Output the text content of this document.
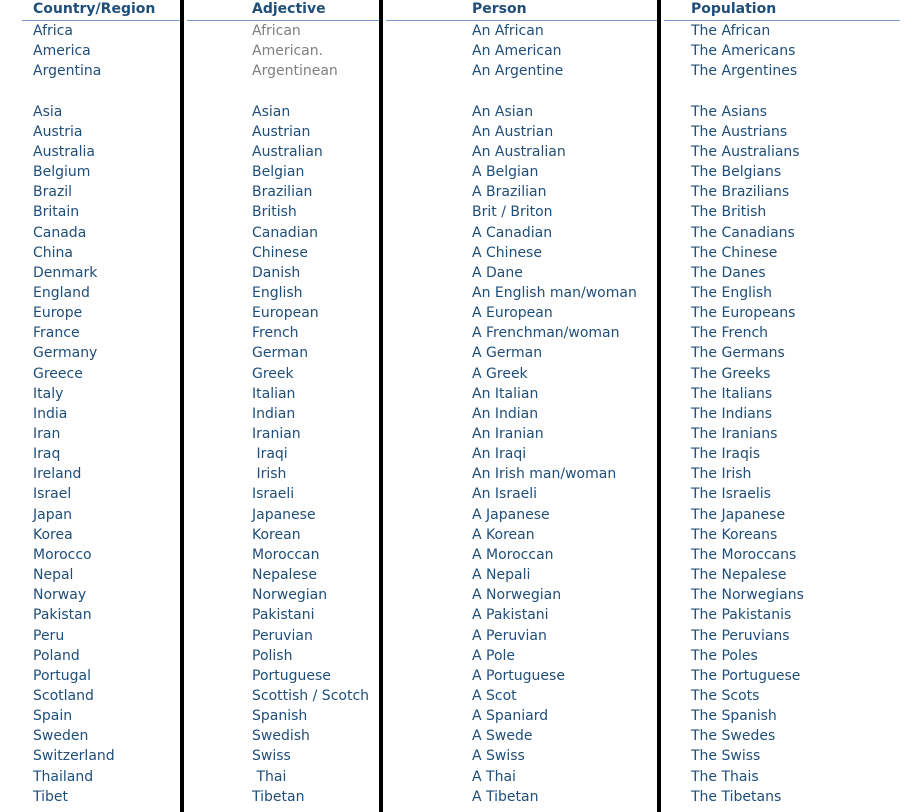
Country/Region	Adjective	Person	Population
Africa	African	An African	The African
America	American.	An American	The Americans
Argentina	Argentinean	An Argentine	The Argentines
Asia	Asian	An Asian	The Asians
Austria	Austrian	An Austrian	The Austrians
Australia	Australian	An Australian	The Australians
Belgium	Belgian	A Belgian	The Belgians
Brazil	Brazilian	A Brazilian	The Brazilians
Britain	British	Brit / Briton	The British
Canada	Canadian	A Canadian	The Canadians
China	Chinese	A Chinese	The Chinese
Denmark	Danish	A Dane	The Danes
England	English	An English man/woman	The English
Europe	European	A European	The Europeans
France	French	A Frenchman/woman	The French
Germany	German	A German	The Germans
Greece	Greek	A Greek	The Greeks
Italy	Italian	An Italian	The Italians
India	Indian	An Indian	The Indians
Iran	Iranian	An Iranian	The Iranians
Iraq	Iraqi	An Iraqi	The Iraqis
Ireland	Irish	An Irish man/woman	The Irish
Israel	Israeli	An Israeli	The Israelis
Japan	Japanese	A Japanese	The Japanese
Korea	Korean	A Korean	The Koreans
Morocco	Moroccan	A Moroccan	The Moroccans
Nepal	Nepalese	A Nepali	The Nepalese
Norway	Norwegian	A Norwegian	The Norwegians
Pakistan	Pakistani	A Pakistani	The Pakistanis
Peru	Peruvian	A Peruvian	The Peruvians
Poland	Polish	A Pole	The Poles
Portugal	Portuguese	A Portuguese	The Portuguese
Scotland	Scottish / Scotch	A Scot	The Scots
Spain	Spanish	A Spaniard	The Spanish
Sweden	Swedish	A Swede	The Swedes
Switzerland	Swiss	A Swiss	The Swiss
Thailand	Thai	A Thai	The Thais
Tibet	Tibetan	A Tibetan	The Tibetans
